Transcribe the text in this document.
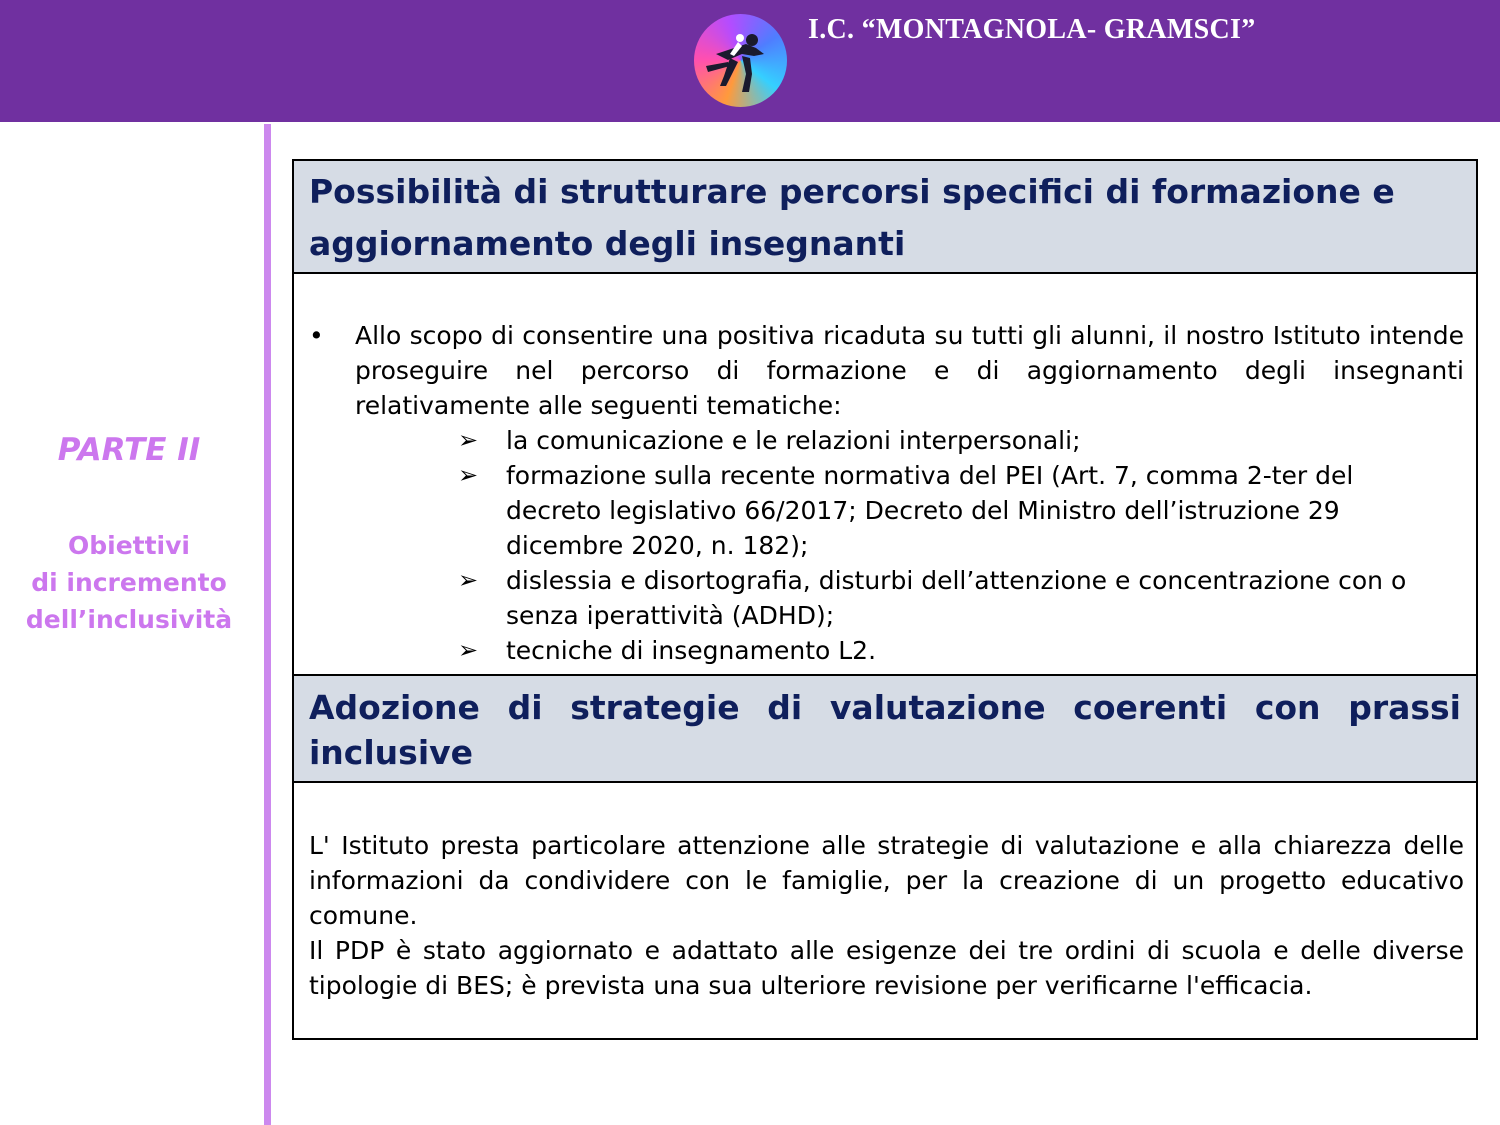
I.C. “MONTAGNOLA- GRAMSCI”
PARTE II
Obiettivi
di incremento
dell’inclusività
Possibilità di strutturare percorsi specifici di formazione e aggiornamento degli insegnanti
• Allo scopo di consentire una positiva ricaduta su tutti gli alunni, il nostro Istituto intende proseguire nel percorso di formazione e di aggiornamento degli insegnanti relativamente alle seguenti tematiche:
➢ la comunicazione e le relazioni interpersonali;
➢ formazione sulla recente normativa del PEI (Art. 7, comma 2-ter del decreto legislativo 66/2017; Decreto del Ministro dell’istruzione 29 dicembre 2020, n. 182);
➢ dislessia e disortografia, disturbi dell’attenzione e concentrazione con o senza iperattività (ADHD);
➢ tecniche di insegnamento L2.
Adozione di strategie di valutazione coerenti con prassi inclusive
L' Istituto presta particolare attenzione alle strategie di valutazione e alla chiarezza delle informazioni da condividere con le famiglie, per la creazione di un progetto educativo comune.
Il PDP è stato aggiornato e adattato alle esigenze dei tre ordini di scuola e delle diverse tipologie di BES; è prevista una sua ulteriore revisione per verificarne l'efficacia.
